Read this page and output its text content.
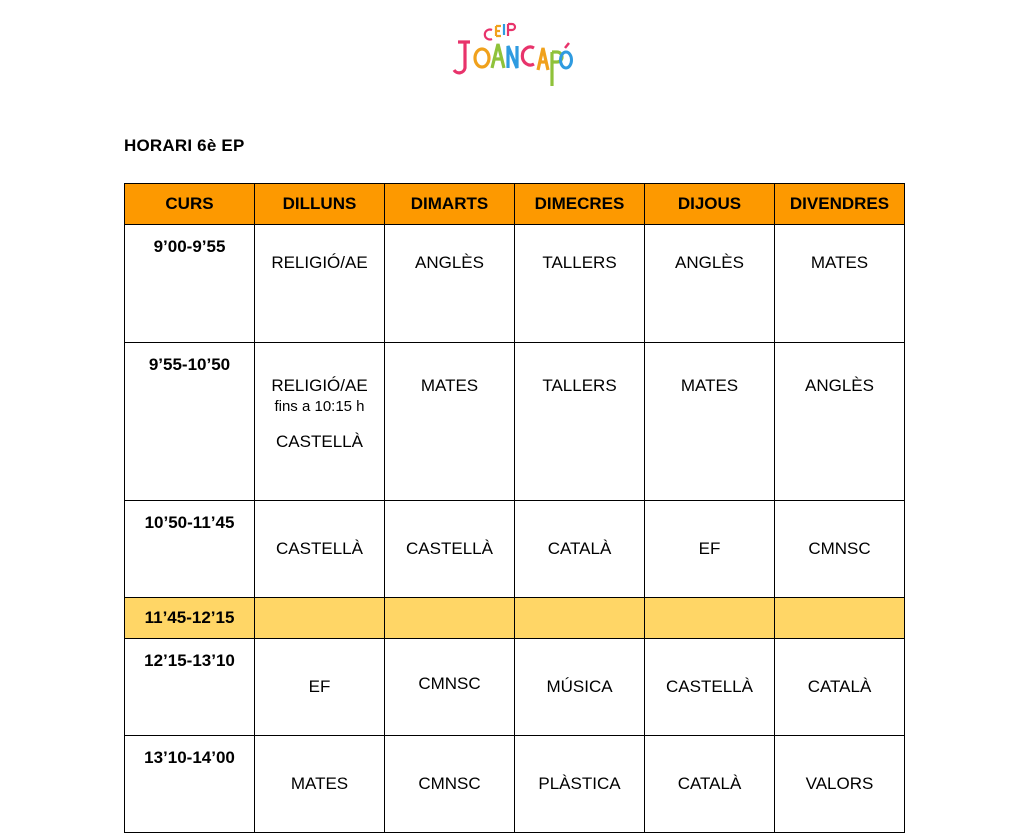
HORARI 6è EP
CURS	DILLUNS	DIMARTS	DIMECRES	DIJOUS	DIVENDRES
9’00-9’55	RELIGIÓ/AE	ANGLÈS	TALLERS	ANGLÈS	MATES

9’55-10’50	RELIGIÓ/AE
fins a 10:15 h
CASTELLÀ	MATES	TALLERS	MATES	ANGLÈS

10’50-11’45	CASTELLÀ	CASTELLÀ	CATALÀ	EF	CMNSC
11’45-12’15					
12’15-13’10	EF	CMNSC	MÚSICA	CASTELLÀ	CATALÀ
13’10-14’00	MATES	CMNSC	PLÀSTICA	CATALÀ	VALORS
